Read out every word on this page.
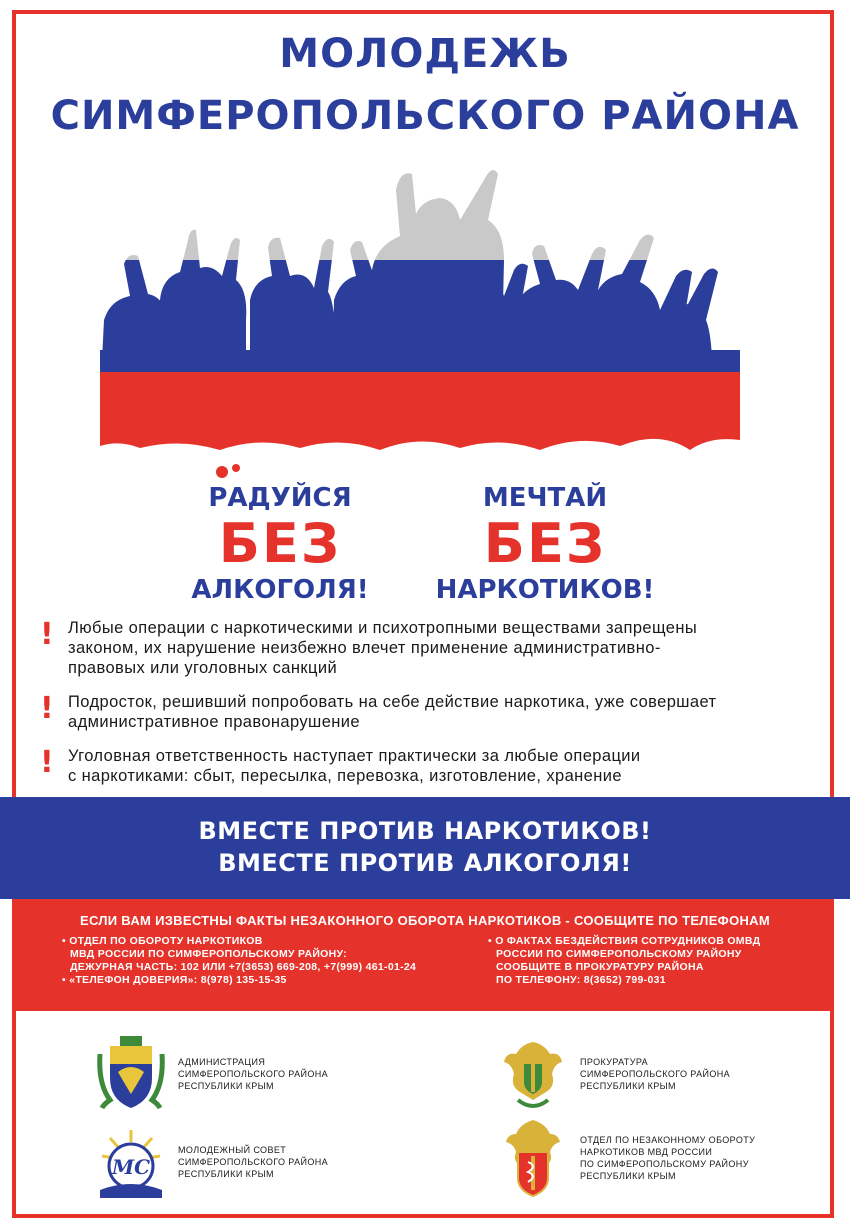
МОЛОДЕЖЬ
СИМФЕРОПОЛЬСКОГО РАЙОНА
РАДУЙСЯ
БЕЗ
АЛКОГОЛЯ!
МЕЧТАЙ
БЕЗ
НАРКОТИКОВ!
! Любые операции с наркотическими и психотропными веществами запрещены
законом, их нарушение неизбежно влечет применение административно-
правовых или уголовных санкций
! Подросток, решивший попробовать на себе действие наркотика, уже совершает
административное правонарушение
! Уголовная ответственность наступает практически за любые операции
с наркотиками: сбыт, пересылка, перевозка, изготовление, хранение
ВМЕСТЕ ПРОТИВ НАРКОТИКОВ!
ВМЕСТЕ ПРОТИВ АЛКОГОЛЯ!
ЕСЛИ ВАМ ИЗВЕСТНЫ ФАКТЫ НЕЗАКОННОГО ОБОРОТА НАРКОТИКОВ - СООБЩИТЕ ПО ТЕЛЕФОНАМ
• ОТДЕЛ ПО ОБОРОТУ НАРКОТИКОВ
МВД РОССИИ ПО СИМФЕРОПОЛЬСКОМУ РАЙОНУ:
ДЕЖУРНАЯ ЧАСТЬ: 102 ИЛИ +7(3653) 669-208, +7(999) 461-01-24
• «ТЕЛЕФОН ДОВЕРИЯ»: 8(978) 135-15-35
• О ФАКТАХ БЕЗДЕЙСТВИЯ СОТРУДНИКОВ ОМВД
РОССИИ ПО СИМФЕРОПОЛЬСКОМУ РАЙОНУ
СООБЩИТЕ В ПРОКУРАТУРУ РАЙОНА
ПО ТЕЛЕФОНУ: 8(3652) 799-031
АДМИНИСТРАЦИЯ
СИМФЕРОПОЛЬСКОГО РАЙОНА
РЕСПУБЛИКИ КРЫМ
ПРОКУРАТУРА
СИМФЕРОПОЛЬСКОГО РАЙОНА
РЕСПУБЛИКИ КРЫМ
МС
МОЛОДЕЖНЫЙ СОВЕТ
СИМФЕРОПОЛЬСКОГО РАЙОНА
РЕСПУБЛИКИ КРЫМ
ОТДЕЛ ПО НЕЗАКОННОМУ ОБОРОТУ
НАРКОТИКОВ МВД РОССИИ
ПО СИМФЕРОПОЛЬСКОМУ РАЙОНУ
РЕСПУБЛИКИ КРЫМ
